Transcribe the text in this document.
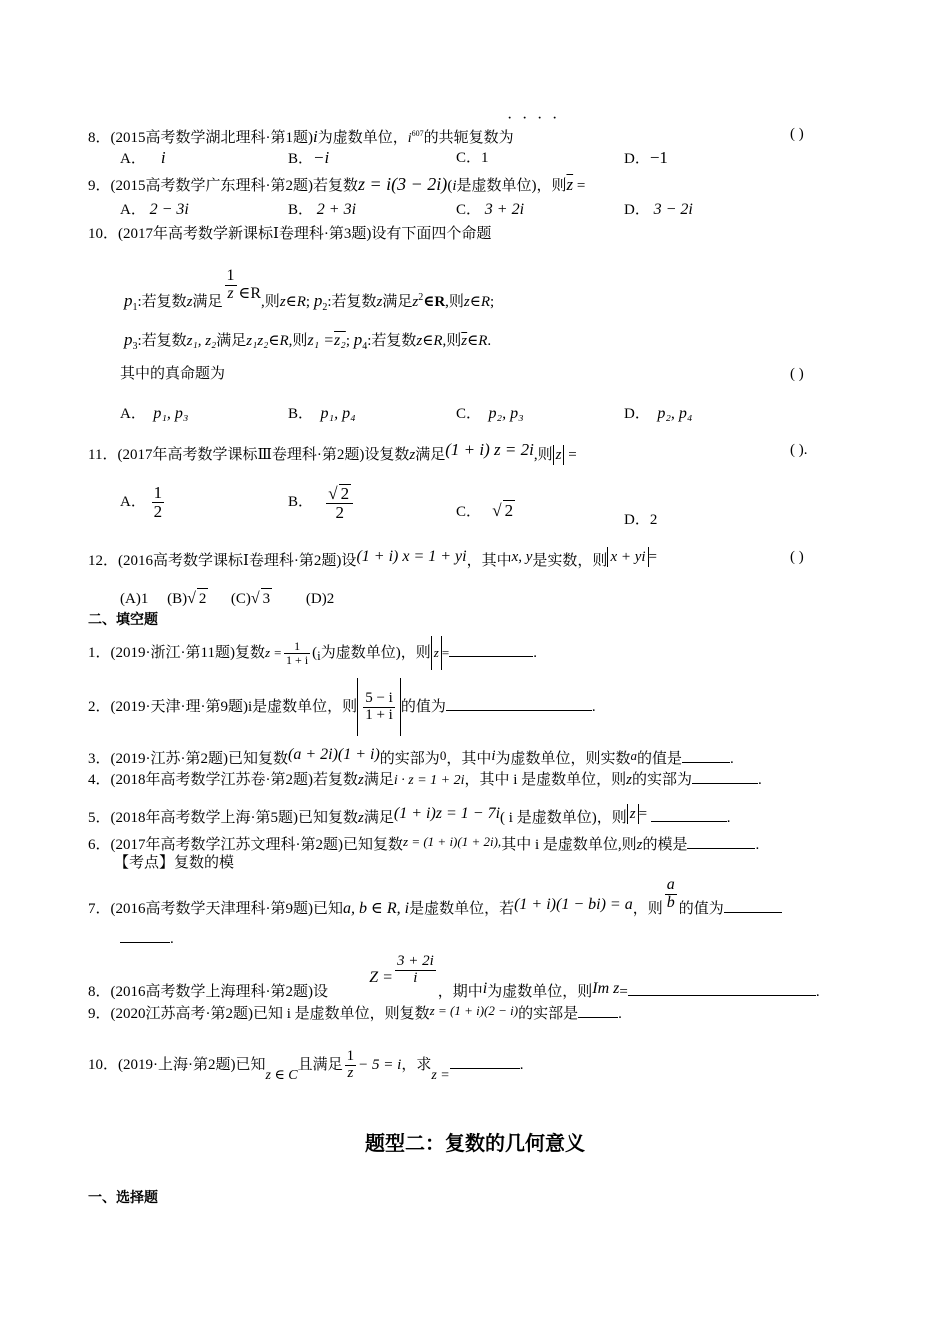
8．(2015高考数学湖北理科·第1题)i为虚数单位，$i^{607}$的共轭复数为
· · · ·
( )
A． i	B．−i	C．1	D．−1
9．(2015高考数学广东理科·第2题)若复数z = i(3 − 2i)(i是虚数单位)，则$\overline{z}$ =
A． 2 − 3i	B． 2 + 3i	C． 3 + 2i	D． 3 − 2i
10．(2017年高考数学新课标Ⅰ卷理科·第3题)设有下面四个命题
$p_1$:若复数z满足 $\frac{1}{z}$ ∈R,则z∈R; $p_2$:若复数z满足$z^2\in R$,则z∈R;
$p_3$:若复数z₁, z₂满足z₁z₂∈R,则z₁ =z₂; $p_4$:若复数z∈R,则$\overline{z}\in R$.
其中的真命题为	( )
A． p₁, p₃	B． p₁, p₄	C． p₂, p₃	D． p₂, p₄
11．(2017年高考数学课标Ⅲ卷理科·第2题)设复数z满足(1 + i) z = 2i,则 z =	( ).
A． $\frac{1}{2}$	B． $\frac{√ 2}{2}$	C． √ 2	D．2
12．(2016高考数学课标Ⅰ卷理科·第2题)设(1 + i) x = 1 + yi，其中x, y是实数，则 x + yi =	( )
(A)1 (B)√ 2 (C)√ 3 (D)2
二、填空题
1．(2019·浙江·第11题)复数$z = \frac{1}{1 + i} (i$为虚数单位)，则 z =	.
2．(2019·天津·理·第9题)i是虚数单位，则 $\frac{5 - i}{1 + i}$ 的值为	.
3．(2019·江苏·第2题)已知复数(a + 2i)(1 + i)的实部为0，其中i为虚数单位，则实数a的值是	.
4．(2018年高考数学江苏卷·第2题)若复数z满足i · z = 1 + 2i，其中 i 是虚数单位，则z的实部为	.
5．(2018年高考数学上海·第5题)已知复数z满足(1 + i)z = 1 − 7i( i 是虚数单位)，则 z =	.
6．(2017年高考数学江苏文理科·第2题)已知复数z = (1 + i)(1 + 2i),其中 i 是虚数单位,则z的模是	.
【考点】复数的模
7．(2016高考数学天津理科·第9题)已知a, b ∈ R, i是虚数单位，若(1 + i)(1 − bi) = a，则 $\frac{a}{b}$ 的值为
.
8．(2016高考数学上海理科·第2题)设           $Z = \frac{3 + 2i}{i}$
，期中i为虚数单位，则Im z=	.
9．(2020江苏高考·第2题)已知 i 是虚数单位，则复数z = (1 + i)(2 − i)的实部是	.
10．(2019·上海·第2题)已知z ∈ C且满足 $\frac{1}{z} - 5 = i$，求z =.
题型二：复数的几何意义
一、选择题
